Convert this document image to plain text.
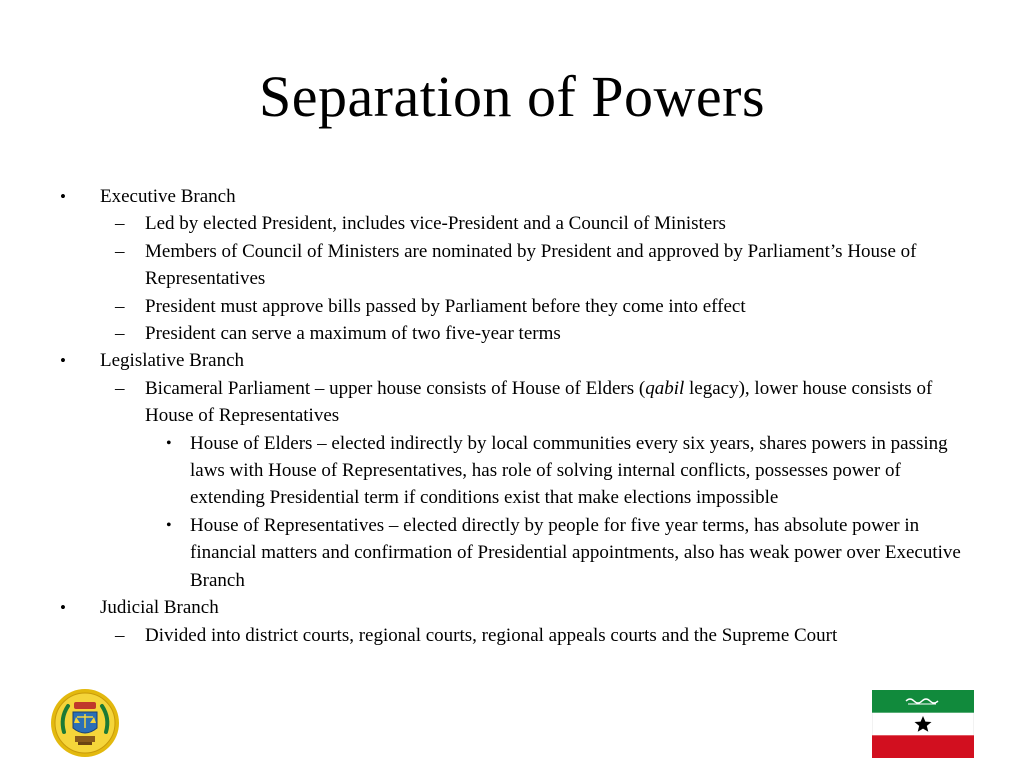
Separation of Powers
• Executive Branch
– Led by elected President, includes vice-President and a Council of Ministers
– Members of Council of Ministers are nominated by President and approved by Parliament’s House of Representatives
– President must approve bills passed by Parliament before they come into effect
– President can serve a maximum of two five-year terms
• Legislative Branch
– Bicameral Parliament – upper house consists of House of Elders (qabil legacy), lower house consists of House of Representatives
• House of Elders – elected indirectly by local communities every six years, shares powers in passing laws with House of Representatives, has role of solving internal conflicts, possesses power of extending Presidential term if conditions exist that make elections impossible
• House of Representatives – elected directly by people for five year terms, has absolute power in financial matters and confirmation of Presidential appointments, also has weak power over Executive Branch
• Judicial Branch
– Divided into district courts, regional courts, regional appeals courts and the Supreme Court
